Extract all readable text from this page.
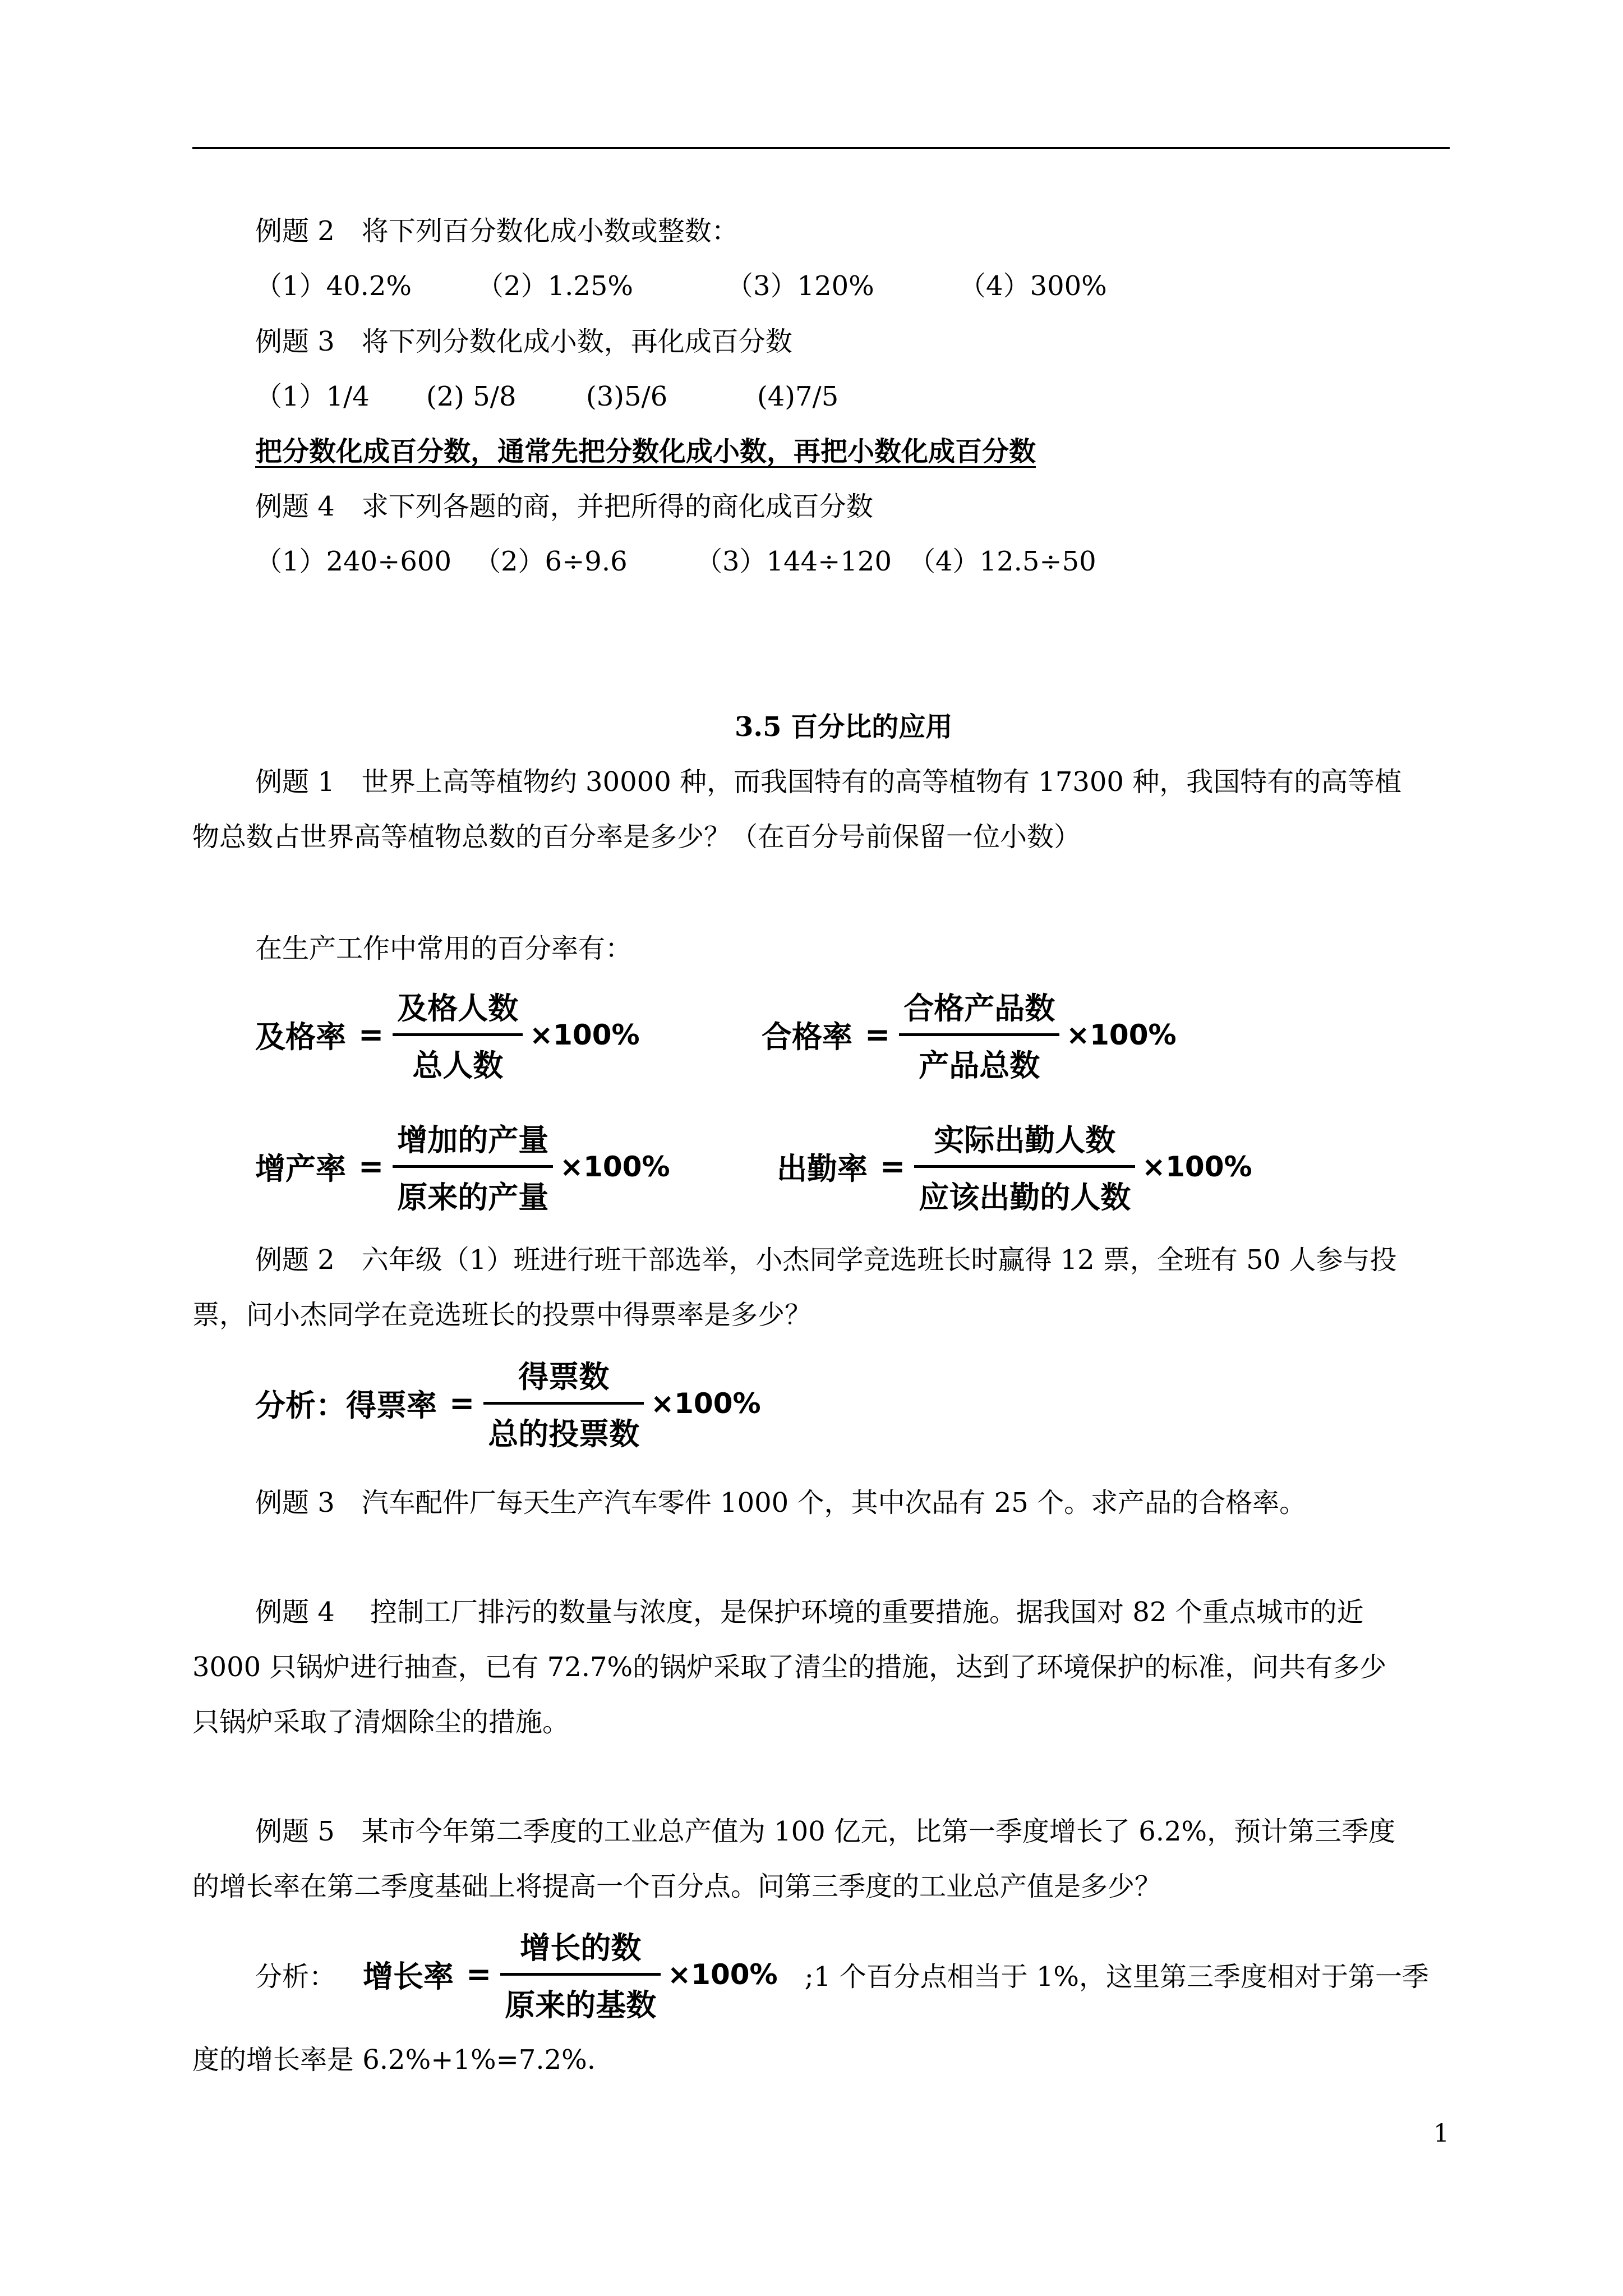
例题 2　将下列百分数化成小数或整数：
（1）40.2% （2）1.25%	（3）120%	（4）300%
例题 3　将下列分数化成小数，再化成百分数
（1）1/4 (2) 5/8	(3)5/6	(4)7/5
把分数化成百分数，通常先把分数化成小数，再把小数化成百分数
例题 4　求下列各题的商，并把所得的商化成百分数
（1）240÷600 （2）6÷9.6	（3）144÷120 （4）12.5÷50
3.5 百分比的应用
例题 1　世界上高等植物约 30000 种，而我国特有的高等植物有 17300 种，我国特有的高等植
物总数占世界高等植物总数的百分率是多少？（在百分号前保留一位小数）
在生产工作中常用的百分率有：
及格率 =
及格人数
总人数
×100%	合格率 =
合格产品数
产品总数
×100%
增产率 =
增加的产量
原来的产量
×100%	出勤率 =
实际出勤人数
应该出勤的人数
×100%
例题 2　六年级（1）班进行班干部选举，小杰同学竞选班长时赢得 12 票，全班有 50 人参与投
票，问小杰同学在竞选班长的投票中得票率是多少？
分析：得票率 =
得票数
总的投票数
×100%
例题 3　汽车配件厂每天生产汽车零件 1000 个，其中次品有 25 个。求产品的合格率。
例题 4　 控制工厂排污的数量与浓度，是保护环境的重要措施。据我国对 82 个重点城市的近
3000 只锅炉进行抽查，已有 72.7%的锅炉采取了清尘的措施，达到了环境保护的标准，问共有多少
只锅炉采取了清烟除尘的措施。
例题 5　某市今年第二季度的工业总产值为 100 亿元，比第一季度增长了 6.2%，预计第三季度
的增长率在第二季度基础上将提高一个百分点。问第三季度的工业总产值是多少？
分析： 增长率 =
增长的数
原来的基数
×100% ;1 个百分点相当于 1%，这里第三季度相对于第一季
度的增长率是 6.2%+1%=7.2%.
1
